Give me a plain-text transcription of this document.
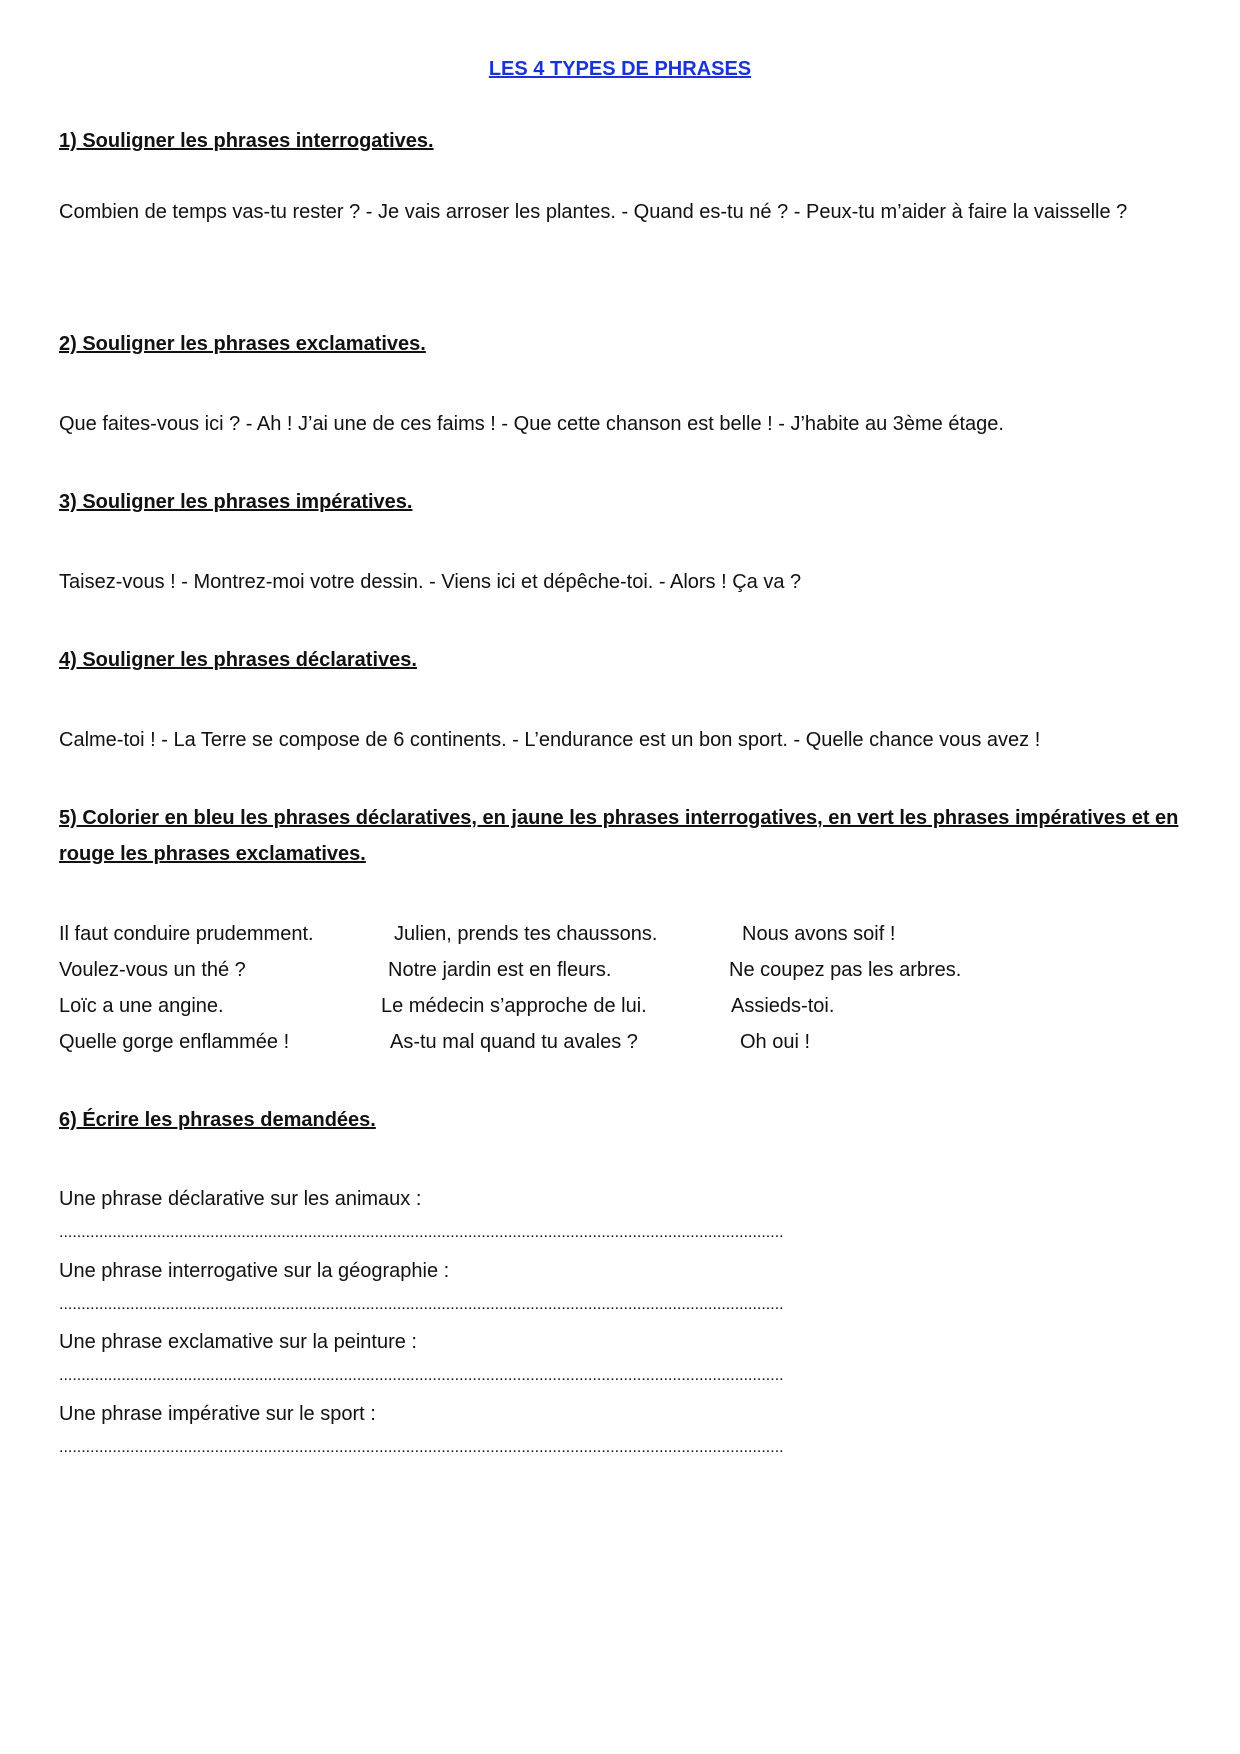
LES 4 TYPES DE PHRASES
1) Souligner les phrases interrogatives.
Combien de temps vas-tu rester ? - Je vais arroser les plantes. - Quand es-tu né ? - Peux-tu m’aider à faire la vaisselle ?
2) Souligner les phrases exclamatives.
Que faites-vous ici ? - Ah ! J’ai une de ces faims ! - Que cette chanson est belle ! - J’habite au 3ème étage.
3) Souligner les phrases impératives.
Taisez-vous ! - Montrez-moi votre dessin. - Viens ici et dépêche-toi. - Alors ! Ça va ?
4) Souligner les phrases déclaratives.
Calme-toi ! - La Terre se compose de 6 continents. - L’endurance est un bon sport. - Quelle chance vous avez !
5) Colorier en bleu les phrases déclaratives, en jaune les phrases interrogatives, en vert les phrases impératives et en rouge les phrases exclamatives.
Il faut conduire prudemment.	Julien, prends tes chaussons.	Nous avons soif !
Voulez-vous un thé ?	Notre jardin est en fleurs.	Ne coupez pas les arbres.
Loïc a une angine.	Le médecin s’approche de lui.	Assieds-toi.
Quelle gorge enflammée !	As-tu mal quand tu avales ?	Oh oui !
6) Écrire les phrases demandées.
Une phrase déclarative sur les animaux :
...................................................................................................................................................................
Une phrase interrogative sur la géographie :
...................................................................................................................................................................
Une phrase exclamative sur la peinture :
...................................................................................................................................................................
Une phrase impérative sur le sport :
...................................................................................................................................................................
